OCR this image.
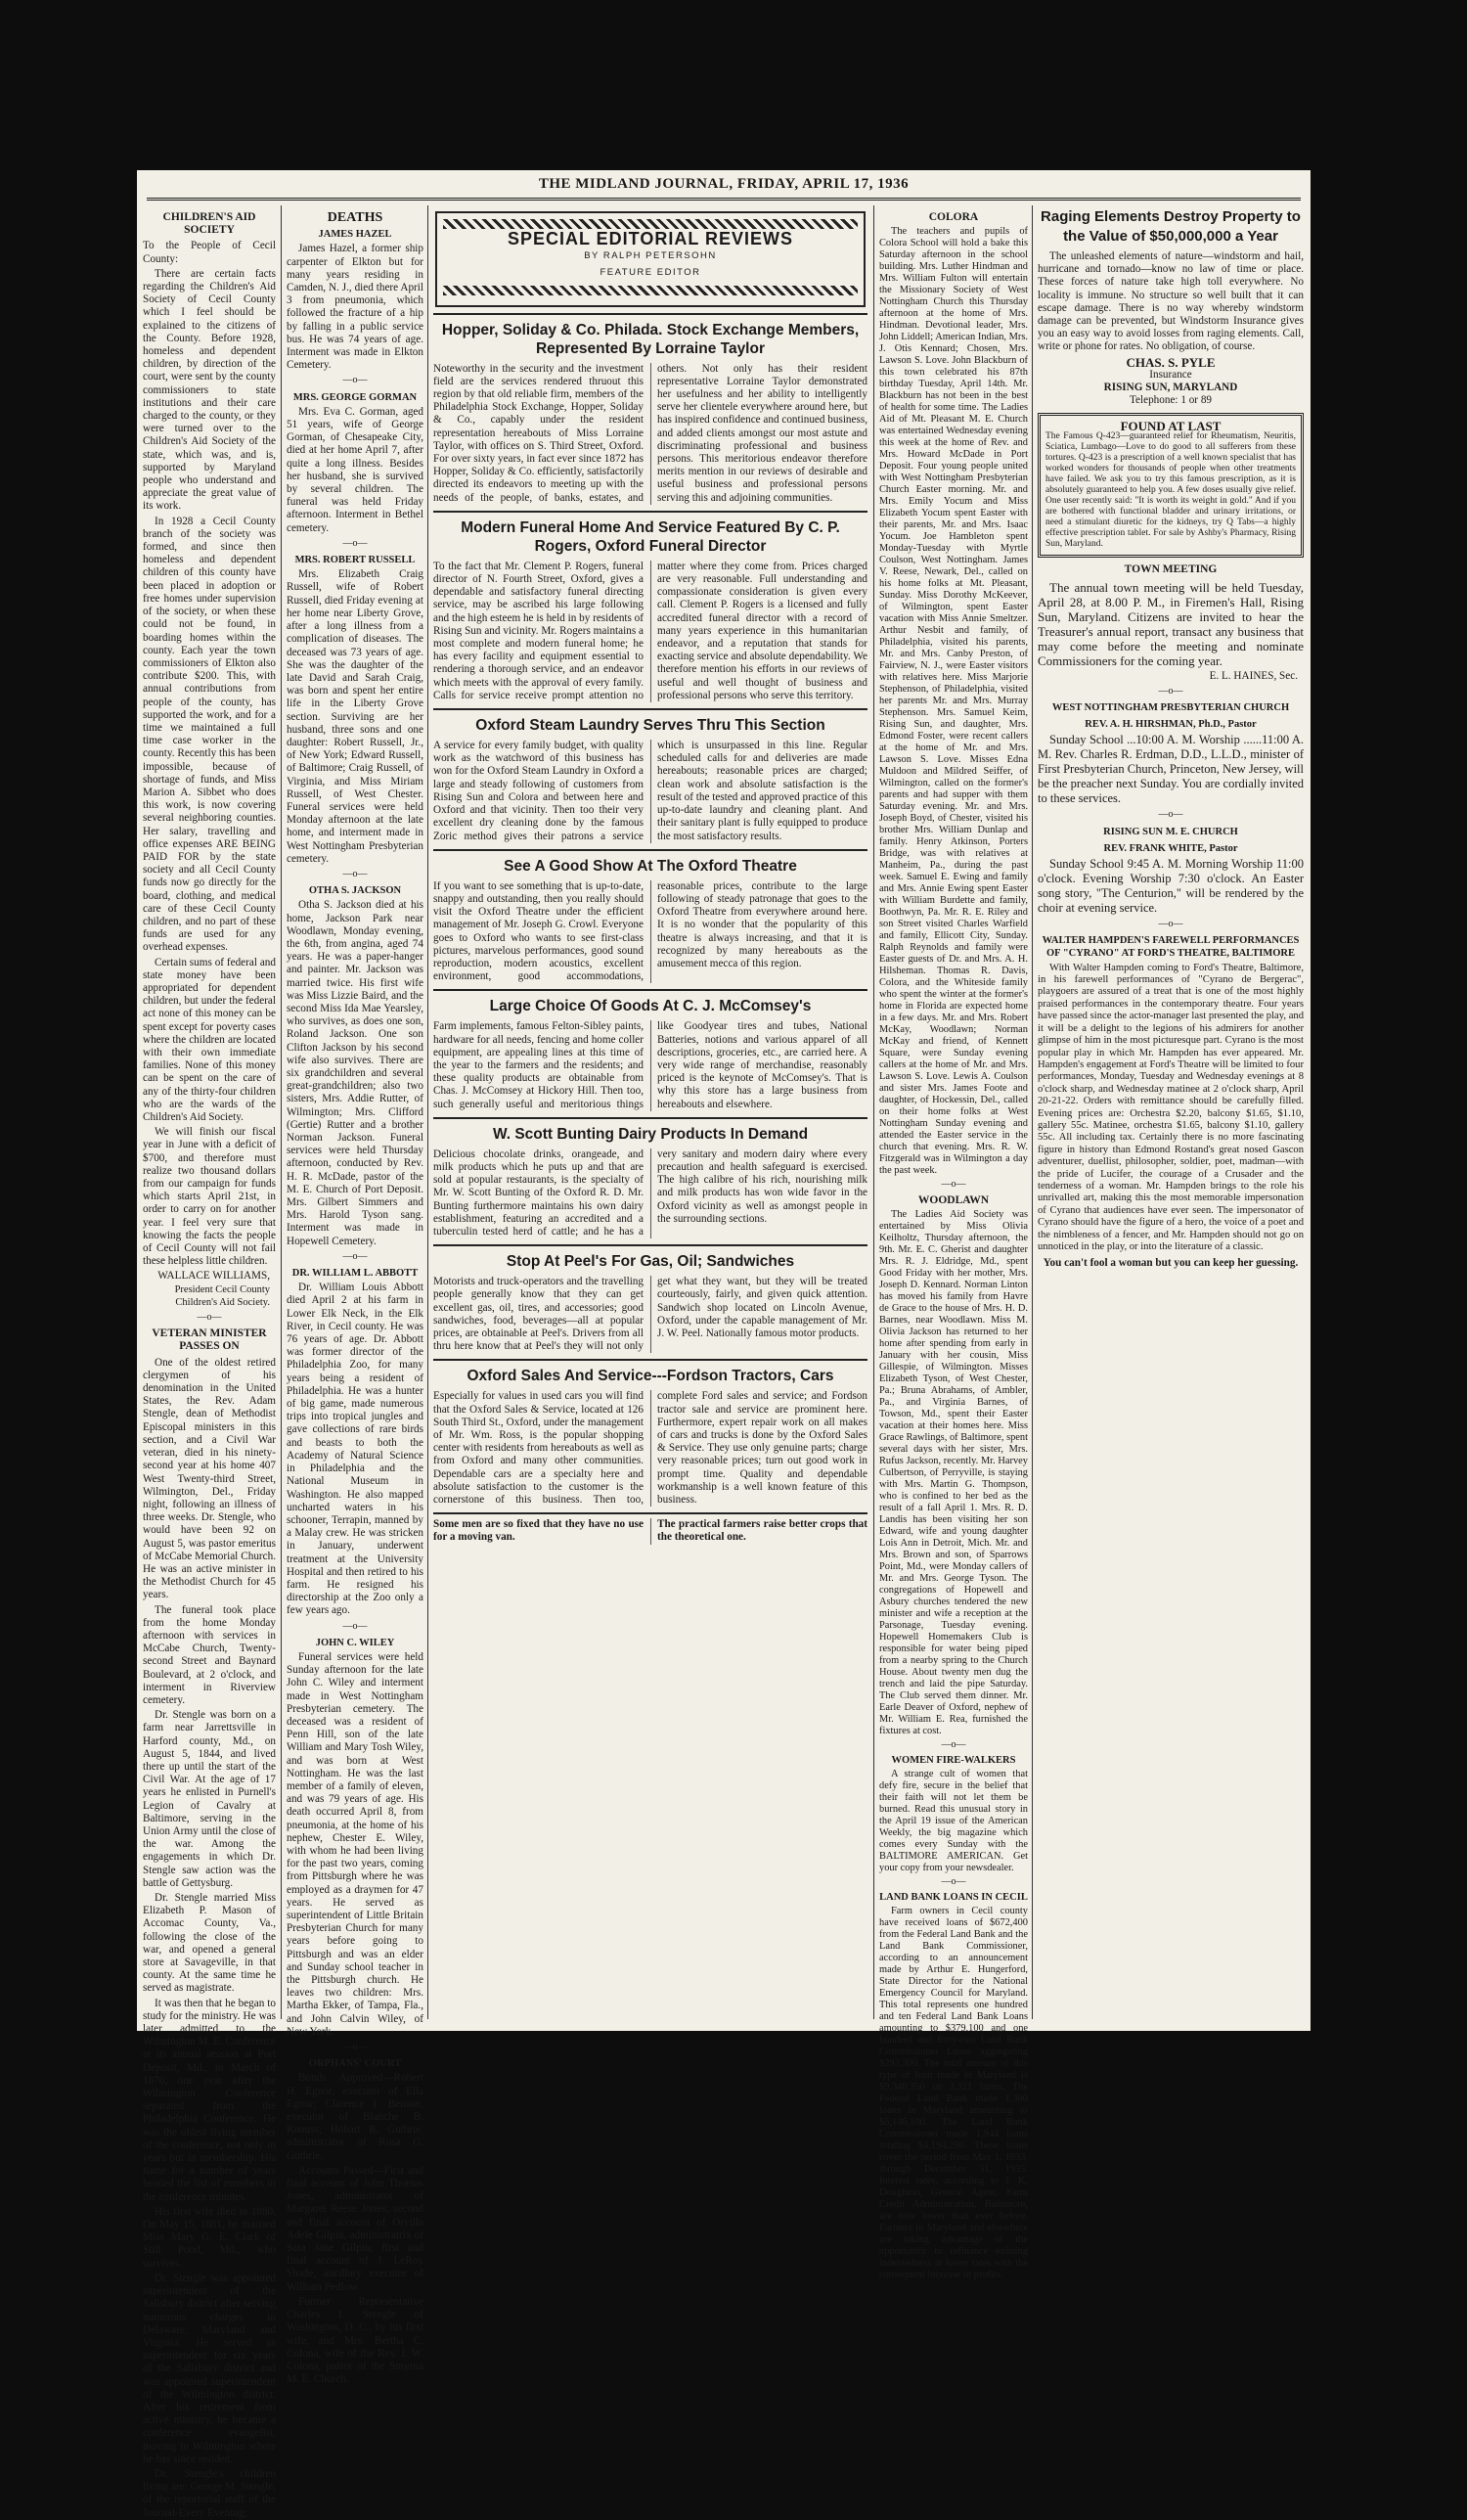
THE MIDLAND JOURNAL, FRIDAY, APRIL 17, 1936
CHILDREN'S AID SOCIETY

To the People of Cecil County:

There are certain facts regarding the Children's Aid Society of Cecil County which I feel should be explained to the citizens of the County. Before 1928, homeless and dependent children, by direction of the court, were sent by the county commissioners to state institutions and their care charged to the county, or they were turned over to the Children's Aid Society of the state, which was, and is, supported by Maryland people who understand and appreciate the great value of its work.

In 1928 a Cecil County branch of the society was formed, and since then homeless and dependent children of this county have been placed in adoption or free homes under supervision of the society, or when these could not be found, in boarding homes within the county. Each year the town commissioners of Elkton also contribute $200. This, with annual contributions from people of the county, has supported the work, and for a time we maintained a full time case worker in the county. Recently this has been impossible, because of shortage of funds, and Miss Marion A. Sibbet who does this work, is now covering several neighboring counties. Her salary, travelling and office expenses ARE BEING PAID FOR by the state society and all Cecil County funds now go directly for the board, clothing, and medical care of these Cecil County children, and no part of these funds are used for any overhead expenses.

Certain sums of federal and state money have been appropriated for dependent children, but under the federal act none of this money can be spent except for poverty cases where the children are located with their own immediate families. None of this money can be spent on the care of any of the thirty-four children who are the wards of the Children's Aid Society.

We will finish our fiscal year in June with a deficit of $700, and therefore must realize two thousand dollars from our campaign for funds which starts April 21st, in order to carry on for another year. I feel very sure that knowing the facts the people of Cecil County will not fail these helpless little children.

WALLACE WILLIAMS,
President Cecil County Children's Aid Society.
—o—
VETERAN MINISTER PASSES ON

One of the oldest retired clergymen of his denomination in the United States, the Rev. Adam Stengle, dean of Methodist Episcopal ministers in this section, and a Civil War veteran, died in his ninety-second year at his home 407 West Twenty-third Street, Wilmington, Del., Friday night, following an illness of three weeks. Dr. Stengle, who would have been 92 on August 5, was pastor emeritus of McCabe Memorial Church. He was an active minister in the Methodist Church for 45 years.

The funeral took place from the home Monday afternoon with services in McCabe Church, Twenty-second Street and Baynard Boulevard, at 2 o'clock, and interment in Riverview cemetery.

Dr. Stengle was born on a farm near Jarrettsville in Harford county, Md., on August 5, 1844, and lived there up until the start of the Civil War. At the age of 17 years he enlisted in Purnell's Legion of Cavalry at Baltimore, serving in the Union Army until the close of the war. Among the engagements in which Dr. Stengle saw action was the battle of Gettysburg.

Dr. Stengle married Miss Elizabeth P. Mason of Accomac County, Va., following the close of the war, and opened a general store at Savageville, in that county. At the same time he served as magistrate.

It was then that he began to study for the ministry. He was later admitted to the Wilmington M. E. Conference at its annual session at Port Deposit, Md., in March of 1870, one year after the Wilmington Conference separated from the Philadelphia Conference. He was the oldest living member of the conference, not only in years but in membership. His name for a number of years headed the list of members in the conference minutes.

His first wife died in 1880. On May 15, 1881, he married Miss Mary G. E. Clark of Still Pond, Md., who survives.

Dr. Stengle was appointed superintendent of the Salisbury district after serving numerous charges in Delaware, Maryland and Virginia. He served as superintendent for six years of the Salisbury district and was appointed superintendent of the Wilmington district. After his retirement from active ministry, he became a conference evangelist, moving to Wilmington where he has since resided.

Dr. Stengle's children living are: George M. Stengle, of the reportorial staff of the Journal-Every Evening;

DEATHS
JAMES HAZEL

James Hazel, a former ship carpenter of Elkton but for many years residing in Camden, N. J., died there April 3 from pneumonia, which followed the fracture of a hip by falling in a public service bus. He was 74 years of age. Interment was made in Elkton Cemetery.

—o—
MRS. GEORGE GORMAN

Mrs. Eva C. Gorman, aged 51 years, wife of George Gorman, of Chesapeake City, died at her home April 7, after quite a long illness. Besides her husband, she is survived by several children. The funeral was held Friday afternoon. Interment in Bethel cemetery.

—o—
MRS. ROBERT RUSSELL

Mrs. Elizabeth Craig Russell, wife of Robert Russell, died Friday evening at her home near Liberty Grove, after a long illness from a complication of diseases. The deceased was 73 years of age. She was the daughter of the late David and Sarah Craig, was born and spent her entire life in the Liberty Grove section. Surviving are her husband, three sons and one daughter: Robert Russell, Jr., of New York; Edward Russell, of Baltimore; Craig Russell, of Virginia, and Miss Miriam Russell, of West Chester. Funeral services were held Monday afternoon at the late home, and interment made in West Nottingham Presbyterian cemetery.

—o—
OTHA S. JACKSON

Otha S. Jackson died at his home, Jackson Park near Woodlawn, Monday evening, the 6th, from angina, aged 74 years. He was a paper-hanger and painter. Mr. Jackson was married twice. His first wife was Miss Lizzie Baird, and the second Miss Ida Mae Yearsley, who survives, as does one son, Roland Jackson. One son Clifton Jackson by his second wife also survives. There are six grandchildren and several great-grandchildren; also two sisters, Mrs. Addie Rutter, of Wilmington; Mrs. Clifford (Gertie) Rutter and a brother Norman Jackson. Funeral services were held Thursday afternoon, conducted by Rev. H. R. McDade, pastor of the M. E. Church of Port Deposit. Mrs. Gilbert Simmers and Mrs. Harold Tyson sang. Interment was made in Hopewell Cemetery.

—o—
DR. WILLIAM L. ABBOTT

Dr. William Louis Abbott died April 2 at his farm in Lower Elk Neck, in the Elk River, in Cecil county. He was 76 years of age. Dr. Abbott was former director of the Philadelphia Zoo, for many years being a resident of Philadelphia. He was a hunter of big game, made numerous trips into tropical jungles and gave collections of rare birds and beasts to both the Academy of Natural Science in Philadelphia and the National Museum in Washington. He also mapped uncharted waters in his schooner, Terrapin, manned by a Malay crew. He was stricken in January, underwent treatment at the University Hospital and then retired to his farm. He resigned his directorship at the Zoo only a few years ago.

—o—
JOHN C. WILEY

Funeral services were held Sunday afternoon for the late John C. Wiley and interment made in West Nottingham Presbyterian cemetery. The deceased was a resident of Penn Hill, son of the late William and Mary Tosh Wiley, and was born at West Nottingham. He was the last member of a family of eleven, and was 79 years of age. His death occurred April 8, from pneumonia, at the home of his nephew, Chester E. Wiley, with whom he had been living for the past two years, coming from Pittsburgh where he was employed as a draymen for 47 years. He served as superintendent of Little Britain Presbyterian Church for many years before going to Pittsburgh and was an elder and Sunday school teacher in the Pittsburgh church. He leaves two children: Mrs. Martha Ekker, of Tampa, Fla., and John Calvin Wiley, of New York.

—o—
ORPHANS' COURT

Bonds Approved—Robert H. Egnor, executor of Ella Egnor; Clarence I. Benson, executor of Blanche B. Knauss; Hobart R. Guthrie, administrator of Rosa G. Guthrie.

Accounts Passed—First and final account of John Thomas Jones, administrator of Margaret Reese Jones; second and final account of Orvilla Adele Gilpin, administratrix of Sara Jane Gilpin; first and final account of J. LeRoy Shade, ancillary executor of William Pedlow.

Former Representative Charles I. Stengle of Washington, D. C., by his first wife, and Mrs. Bertha C. Colona, wife of the Rev. J. W. Colona, pastor of the Smyrna M. E. Church.

SPECIAL EDITORIAL REVIEWS
BY RALPH PETERSOHN
FEATURE EDITOR
Hopper, Soliday & Co. Philada. Stock Exchange Members, Represented By Lorraine Taylor
Noteworthy in the security and the investment field are the services rendered thruout this region by that old reliable firm, members of the Philadelphia Stock Exchange, Hopper, Soliday & Co., capably under the resident representation hereabouts of Miss Lorraine Taylor, with offices on S. Third Street, Oxford. For over sixty years, in fact ever since 1872 has Hopper, Soliday & Co. efficiently, satisfactorily directed its endeavors to meeting up with the needs of the people, of banks, estates, and others. Not only has their resident representative Lorraine Taylor demonstrated her usefulness and her ability to intelligently serve her clientele everywhere around here, but has inspired confidence and continued business, and added clients amongst our most astute and discriminating professional and business persons. This meritorious endeavor therefore merits mention in our reviews of desirable and useful business and professional persons serving this and adjoining communities.
Modern Funeral Home And Service Featured By C. P. Rogers, Oxford Funeral Director
To the fact that Mr. Clement P. Rogers, funeral director of N. Fourth Street, Oxford, gives a dependable and satisfactory funeral directing service, may be ascribed his large following and the high esteem he is held in by residents of Rising Sun and vicinity. Mr. Rogers maintains a most complete and modern funeral home; he has every facility and equipment essential to rendering a thorough service, and an endeavor which meets with the approval of every family. Calls for service receive prompt attention no matter where they come from. Prices charged are very reasonable. Full understanding and compassionate consideration is given every call. Clement P. Rogers is a licensed and fully accredited funeral director with a record of many years experience in this humanitarian endeavor, and a reputation that stands for exacting service and absolute dependability. We therefore mention his efforts in our reviews of useful and well thought of business and professional persons who serve this territory.
Oxford Steam Laundry Serves Thru This Section
A service for every family budget, with quality work as the watchword of this business has won for the Oxford Steam Laundry in Oxford a large and steady following of customers from Rising Sun and Colora and between here and Oxford and that vicinity. Then too their very excellent dry cleaning done by the famous Zoric method gives their patrons a service which is unsurpassed in this line. Regular scheduled calls for and deliveries are made hereabouts; reasonable prices are charged; clean work and absolute satisfaction is the result of the tested and approved practice of this up-to-date laundry and cleaning plant. And their sanitary plant is fully equipped to produce the most satisfactory results.
See A Good Show At The Oxford Theatre
If you want to see something that is up-to-date, snappy and outstanding, then you really should visit the Oxford Theatre under the efficient management of Mr. Joseph G. Crowl. Everyone goes to Oxford who wants to see first-class pictures, marvelous performances, good sound reproduction, modern acoustics, excellent environment, good accommodations, reasonable prices, contribute to the large following of steady patronage that goes to the Oxford Theatre from everywhere around here. It is no wonder that the popularity of this theatre is always increasing, and that it is recognized by many hereabouts as the amusement mecca of this region.
Large Choice Of Goods At C. J. McComsey's
Farm implements, famous Felton-Sibley paints, hardware for all needs, fencing and home coller equipment, are appealing lines at this time of the year to the farmers and the residents; and these quality products are obtainable from Chas. J. McComsey at Hickory Hill. Then too, such generally useful and meritorious things like Goodyear tires and tubes, National Batteries, notions and various apparel of all descriptions, groceries, etc., are carried here. A very wide range of merchandise, reasonably priced is the keynote of McComsey's. That is why this store has a large business from hereabouts and elsewhere.
W. Scott Bunting Dairy Products In Demand
Delicious chocolate drinks, orangeade, and milk products which he puts up and that are sold at popular restaurants, is the specialty of Mr. W. Scott Bunting of the Oxford R. D. Mr. Bunting furthermore maintains his own dairy establishment, featuring an accredited and a tuberculin tested herd of cattle; and he has a very sanitary and modern dairy where every precaution and health safeguard is exercised. The high calibre of his rich, nourishing milk and milk products has won wide favor in the Oxford vicinity as well as amongst people in the surrounding sections.
Stop At Peel's For Gas, Oil; Sandwiches
Motorists and truck-operators and the travelling people generally know that they can get excellent gas, oil, tires, and accessories; good sandwiches, food, beverages—all at popular prices, are obtainable at Peel's. Drivers from all thru here know that at Peel's they will not only get what they want, but they will be treated courteously, fairly, and given quick attention. Sandwich shop located on Lincoln Avenue, Oxford, under the capable management of Mr. J. W. Peel. Nationally famous motor products.
Oxford Sales And Service---Fordson Tractors, Cars
Especially for values in used cars you will find that the Oxford Sales & Service, located at 126 South Third St., Oxford, under the management of Mr. Wm. Ross, is the popular shopping center with residents from hereabouts as well as from Oxford and many other communities. Dependable cars are a specialty here and absolute satisfaction to the customer is the cornerstone of this business. Then too, complete Ford sales and service; and Fordson tractor sale and service are prominent here. Furthermore, expert repair work on all makes of cars and trucks is done by the Oxford Sales & Service. They use only genuine parts; charge very reasonable prices; turn out good work in prompt time. Quality and dependable workmanship is a well known feature of this business.
Some men are so fixed that they have no use for a moving van.
The practical farmers raise better crops that the theoretical one.
COLORA

The teachers and pupils of Colora School will hold a bake this Saturday afternoon in the school building. Mrs. Luther Hindman and Mrs. William Fulton will entertain the Missionary Society of West Nottingham Church this Thursday afternoon at the home of Mrs. Hindman. Devotional leader, Mrs. John Liddell; American Indian, Mrs. J. Otis Kennard; Chosen, Mrs. Lawson S. Love. John Blackburn of this town celebrated his 87th birthday Tuesday, April 14th. Mr. Blackburn has not been in the best of health for some time. The Ladies Aid of Mt. Pleasant M. E. Church was entertained Wednesday evening this week at the home of Rev. and Mrs. Howard McDade in Port Deposit. Four young people united with West Nottingham Presbyterian Church Easter morning. Mr. and Mrs. Emily Yocum and Miss Elizabeth Yocum spent Easter with their parents, Mr. and Mrs. Isaac Yocum. Joe Hambleton spent Monday-Tuesday with Myrtle Coulson, West Nottingham. James V. Reese, Newark, Del., called on his home folks at Mt. Pleasant, Sunday. Miss Dorothy McKeever, of Wilmington, spent Easter vacation with Miss Annie Smeltzer. Arthur Nesbit and family, of Philadelphia, visited his parents, Mr. and Mrs. Canby Preston, of Fairview, N. J., were Easter visitors with relatives here. Miss Marjorie Stephenson, of Philadelphia, visited her parents Mr. and Mrs. Murray Stephenson. Mrs. Samuel Keim, Rising Sun, and daughter, Mrs. Edmond Foster, were recent callers at the home of Mr. and Mrs. Lawson S. Love. Misses Edna Muldoon and Mildred Seiffer, of Wilmington, called on the former's parents and had supper with them Saturday evening. Mr. and Mrs. Joseph Boyd, of Chester, visited his brother Mrs. William Dunlap and family. Henry Atkinson, Porters Bridge, was with relatives at Manheim, Pa., during the past week. Samuel E. Ewing and family and Mrs. Annie Ewing spent Easter with William Burdette and family, Boothwyn, Pa. Mr. R. E. Riley and son Street visited Charles Warfield and family, Ellicott City, Sunday. Ralph Reynolds and family were Easter guests of Dr. and Mrs. A. H. Hilsheman. Thomas R. Davis, Colora, and the Whiteside family who spent the winter at the former's home in Florida are expected home in a few days. Mr. and Mrs. Robert McKay, Woodlawn; Norman McKay and friend, of Kennett Square, were Sunday evening callers at the home of Mr. and Mrs. Lawson S. Love. Lewis A. Coulson and sister Mrs. James Foote and daughter, of Hockessin, Del., called on their home folks at West Nottingham Sunday evening and attended the Easter service in the church that evening. Mrs. R. W. Fitzgerald was in Wilmington a day the past week.

—o—
WOODLAWN

The Ladies Aid Society was entertained by Miss Olivia Keilholtz, Thursday afternoon, the 9th. Mr. E. C. Gherist and daughter Mrs. R. J. Eldridge, Md., spent Good Friday with her mother, Mrs. Joseph D. Kennard. Norman Linton has moved his family from Havre de Grace to the house of Mrs. H. D. Barnes, near Woodlawn. Miss M. Olivia Jackson has returned to her home after spending from early in January with her cousin, Miss Gillespie, of Wilmington. Misses Elizabeth Tyson, of West Chester, Pa.; Bruna Abrahams, of Ambler, Pa., and Virginia Barnes, of Towson, Md., spent their Easter vacation at their homes here. Miss Grace Rawlings, of Baltimore, spent several days with her sister, Mrs. Rufus Jackson, recently. Mr. Harvey Culbertson, of Perryville, is staying with Mrs. Martin G. Thompson, who is confined to her bed as the result of a fall April 1. Mrs. R. D. Landis has been visiting her son Edward, wife and young daughter Lois Ann in Detroit, Mich. Mr. and Mrs. Brown and son, of Sparrows Point, Md., were Monday callers of Mr. and Mrs. George Tyson. The congregations of Hopewell and Asbury churches tendered the new minister and wife a reception at the Parsonage, Tuesday evening. Hopewell Homemakers Club is responsible for water being piped from a nearby spring to the Church House. About twenty men dug the trench and laid the pipe Saturday. The Club served them dinner. Mr. Earle Deaver of Oxford, nephew of Mr. William E. Rea, furnished the fixtures at cost.

—o—
WOMEN FIRE-WALKERS

A strange cult of women that defy fire, secure in the belief that their faith will not let them be burned. Read this unusual story in the April 19 issue of the American Weekly, the big magazine which comes every Sunday with the BALTIMORE AMERICAN. Get your copy from your newsdealer.

—o—
LAND BANK LOANS IN CECIL

Farm owners in Cecil county have received loans of $672,400 from the Federal Land Bank and the Land Bank Commissioner, according to an announcement made by Arthur E. Hungerford, State Director for the National Emergency Council for Maryland. This total represents one hundred and ten Federal Land Bank Loans amounting to $379,100 and one hundred and forty-two Land Bank Commissioner Loans aggregating $293,300. The total amount of this type of loan made in Maryland is $9,340,350 on 3,321 farms. The Federal Land Bank made 1,380 loans in Maryland amounting to $5,146,100. The Land Bank Commissioner made 1,944 loans totaling $4,194,250. These loans cover the period from May 1, 1933, through December 31, 1935. Interest rates, according to J. K. Doughton, General Agent, Farm Credit Administration, Baltimore, are now lower than ever before. Farmers in Maryland and elsewhere are taking advantage of the opportunity to refinance existing indebtedness at lower rates with the consequent increase in profits.

Raging Elements Destroy Property to the Value of $50,000,000 a Year

The unleashed elements of nature—windstorm and hail, hurricane and tornado—know no law of time or place. These forces of nature take high toll everywhere. No locality is immune. No structure so well built that it can escape damage. There is no way whereby windstorm damage can be prevented, but Windstorm Insurance gives you an easy way to avoid losses from raging elements. Call, write or phone for rates. No obligation, of course.

CHAS. S. PYLE
Insurance
RISING SUN, MARYLAND
Telephone: 1 or 89
FOUND AT LAST
The Famous Q-423—guaranteed relief for Rheumatism, Neuritis, Sciatica, Lumbago—Love to do good to all sufferers from these tortures. Q-423 is a prescription of a well known specialist that has worked wonders for thousands of people when other treatments have failed. We ask you to try this famous prescription, as it is absolutely guaranteed to help you. A few doses usually give relief. One user recently said: "It is worth its weight in gold." And if you are bothered with functional bladder and urinary irritations, or need a stimulant diuretic for the kidneys, try Q Tabs—a highly effective prescription tablet. For sale by Ashby's Pharmacy, Rising Sun, Maryland.
TOWN MEETING

The annual town meeting will be held Tuesday, April 28, at 8.00 P. M., in Firemen's Hall, Rising Sun, Maryland. Citizens are invited to hear the Treasurer's annual report, transact any business that may come before the meeting and nominate Commissioners for the coming year.

E. L. HAINES, Sec.
—o—
WEST NOTTINGHAM PRESBYTERIAN CHURCH
REV. A. H. HIRSHMAN, Ph.D., Pastor

Sunday School ...10:00 A. M. Worship ......11:00 A. M. Rev. Charles R. Erdman, D.D., L.L.D., minister of First Presbyterian Church, Princeton, New Jersey, will be the preacher next Sunday. You are cordially invited to these services.

—o—
RISING SUN M. E. CHURCH
REV. FRANK WHITE, Pastor

Sunday School 9:45 A. M. Morning Worship 11:00 o'clock. Evening Worship 7:30 o'clock. An Easter song story, "The Centurion," will be rendered by the choir at evening service.

—o—
WALTER HAMPDEN'S FAREWELL PERFORMANCES OF "CYRANO" AT FORD'S THEATRE, BALTIMORE

With Walter Hampden coming to Ford's Theatre, Baltimore, in his farewell performances of "Cyrano de Bergerac", playgoers are assured of a treat that is one of the most highly praised performances in the contemporary theatre. Four years have passed since the actor-manager last presented the play, and it will be a delight to the legions of his admirers for another glimpse of him in the most picturesque part. Cyrano is the most popular play in which Mr. Hampden has ever appeared. Mr. Hampden's engagement at Ford's Theatre will be limited to four performances, Monday, Tuesday and Wednesday evenings at 8 o'clock sharp, and Wednesday matinee at 2 o'clock sharp, April 20-21-22. Orders with remittance should be carefully filled. Evening prices are: Orchestra $2.20, balcony $1.65, $1.10, gallery 55c. Matinee, orchestra $1.65, balcony $1.10, gallery 55c. All including tax. Certainly there is no more fascinating figure in history than Edmond Rostand's great nosed Gascon adventurer, duellist, philosopher, soldier, poet, madman—with the pride of Lucifer, the courage of a Crusader and the tenderness of a woman. Mr. Hampden brings to the role his unrivalled art, making this the most memorable impersonation of Cyrano that audiences have ever seen. The impersonator of Cyrano should have the figure of a hero, the voice of a poet and the nimbleness of a fencer, and Mr. Hampden should not go on unnoticed in the play, or into the literature of a classic.

You can't fool a woman but you can keep her guessing.
